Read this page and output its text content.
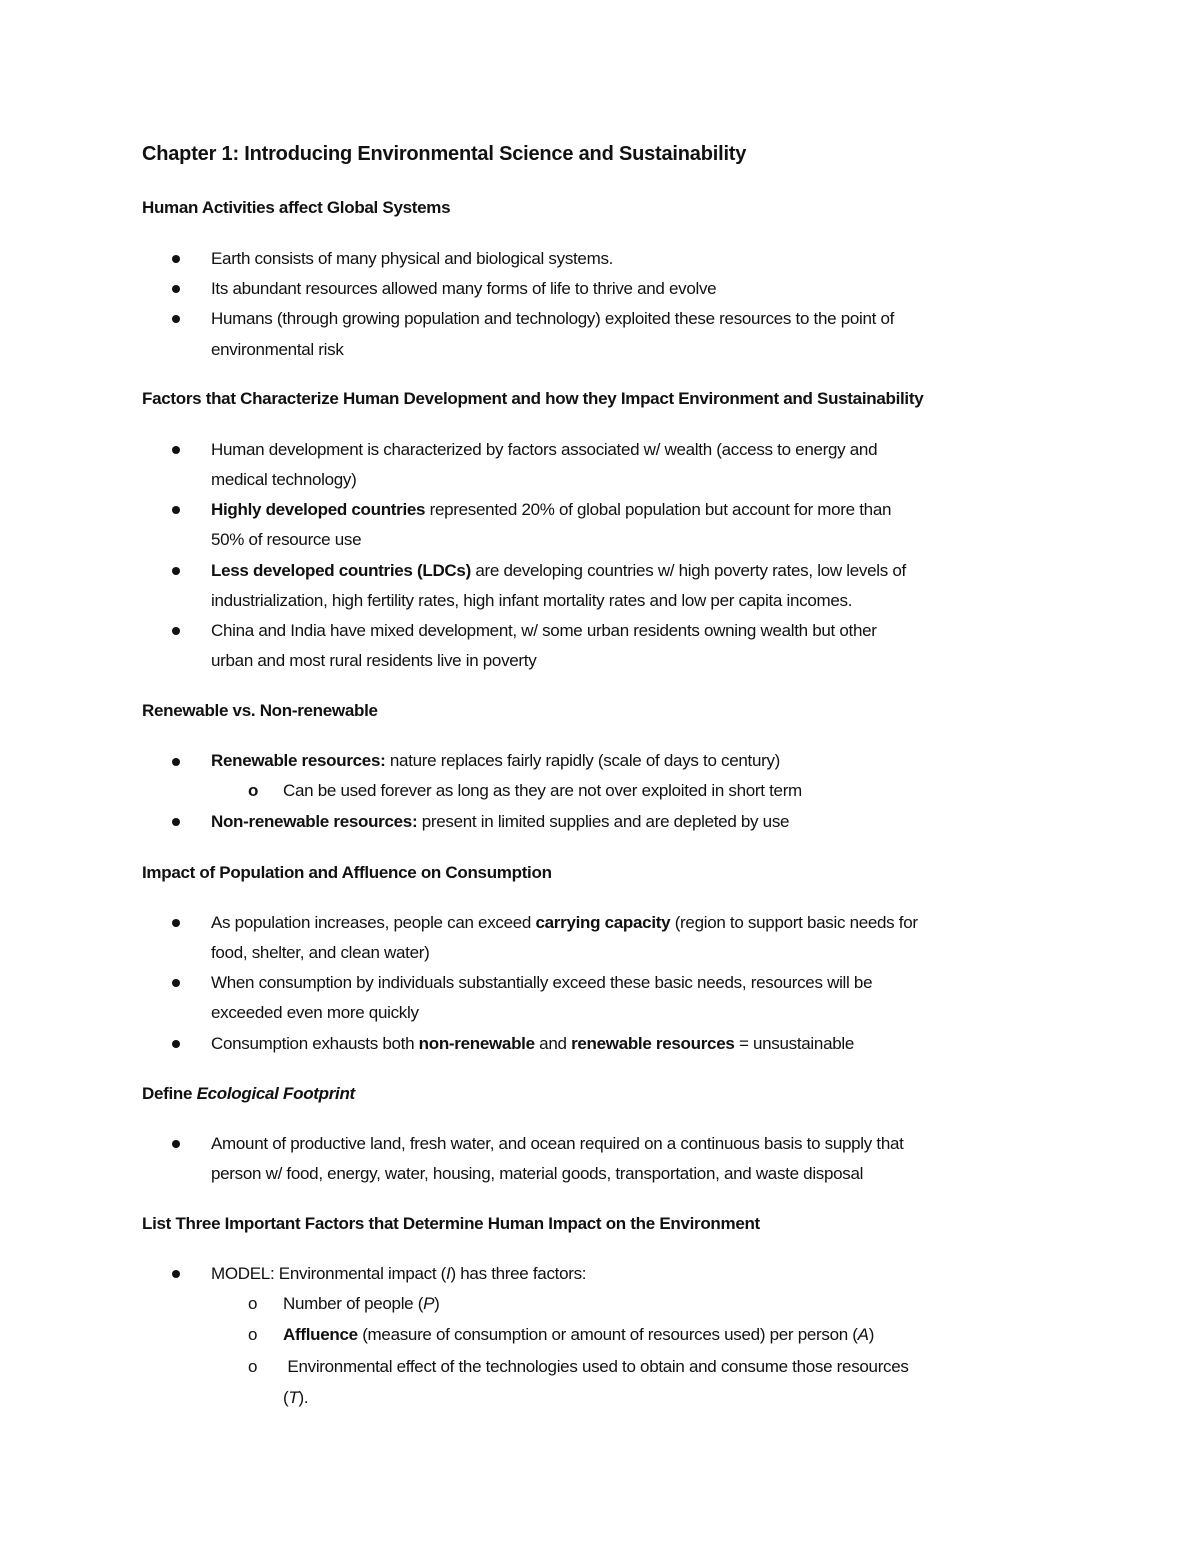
Chapter 1: Introducing Environmental Science and Sustainability
Human Activities affect Global Systems
Earth consists of many physical and biological systems.
Its abundant resources allowed many forms of life to thrive and evolve
Humans (through growing population and technology) exploited these resources to the point of
environmental risk
Factors that Characterize Human Development and how they Impact Environment and Sustainability
Human development is characterized by factors associated w/ wealth (access to energy and
medical technology)
Highly developed countries represented 20% of global population but account for more than
50% of resource use
Less developed countries (LDCs) are developing countries w/ high poverty rates, low levels of
industrialization, high fertility rates, high infant mortality rates and low per capita incomes.
China and India have mixed development, w/ some urban residents owning wealth but other
urban and most rural residents live in poverty
Renewable vs. Non-renewable
Renewable resources: nature replaces fairly rapidly (scale of days to century)
o Can be used forever as long as they are not over exploited in short term
Non-renewable resources: present in limited supplies and are depleted by use
Impact of Population and Affluence on Consumption
As population increases, people can exceed carrying capacity (region to support basic needs for
food, shelter, and clean water)
When consumption by individuals substantially exceed these basic needs, resources will be
exceeded even more quickly
Consumption exhausts both non-renewable and renewable resources = unsustainable
Define Ecological Footprint
Amount of productive land, fresh water, and ocean required on a continuous basis to supply that
person w/ food, energy, water, housing, material goods, transportation, and waste disposal
List Three Important Factors that Determine Human Impact on the Environment
MODEL: Environmental impact (I) has three factors:
o Number of people (P)
o Affluence (measure of consumption or amount of resources used) per person (A)
o Environmental effect of the technologies used to obtain and consume those resources
(T).
